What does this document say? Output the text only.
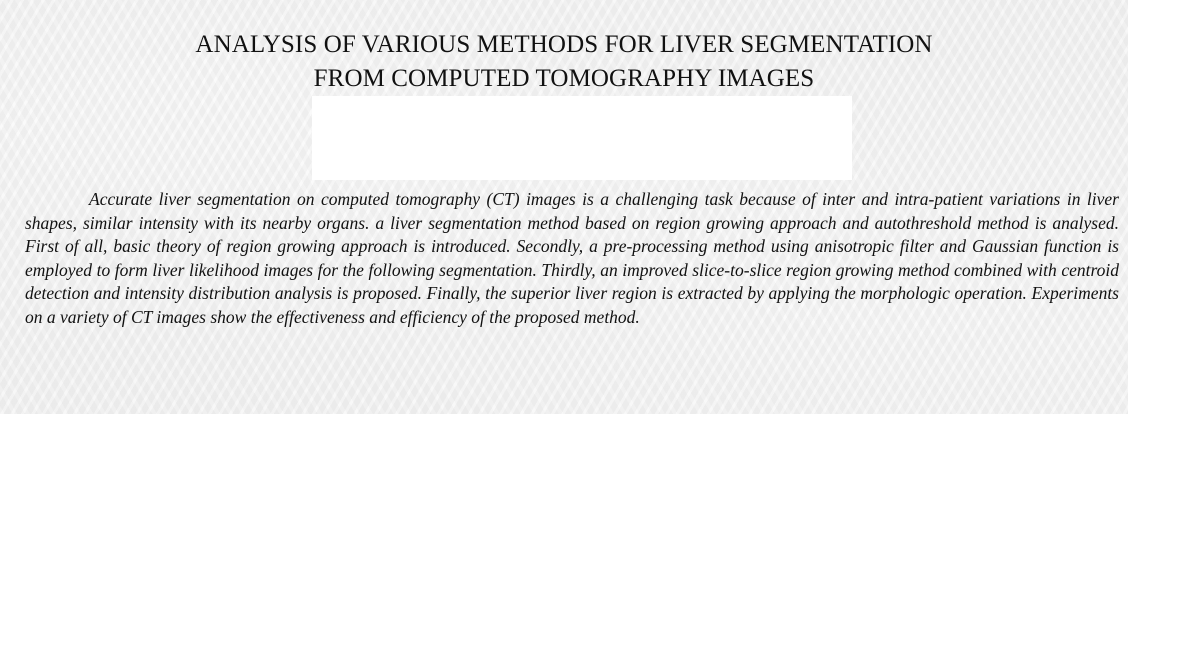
ANALYSIS OF VARIOUS METHODS FOR LIVER SEGMENTATION
FROM COMPUTED TOMOGRAPHY IMAGES

Accurate liver segmentation on computed tomography (CT) images is a challenging task because of inter and intra-patient variations in liver shapes, similar intensity with its nearby organs. a liver segmentation method based on region growing approach and autothreshold method is analysed. First of all, basic theory of region growing approach is introduced. Secondly, a pre-processing method using anisotropic filter and Gaussian function is employed to form liver likelihood images for the following segmentation. Thirdly, an improved slice-to-slice region growing method combined with centroid detection and intensity distribution analysis is proposed. Finally, the superior liver region is extracted by applying the morphologic operation. Experiments on a variety of CT images show the effectiveness and efficiency of the proposed method.
